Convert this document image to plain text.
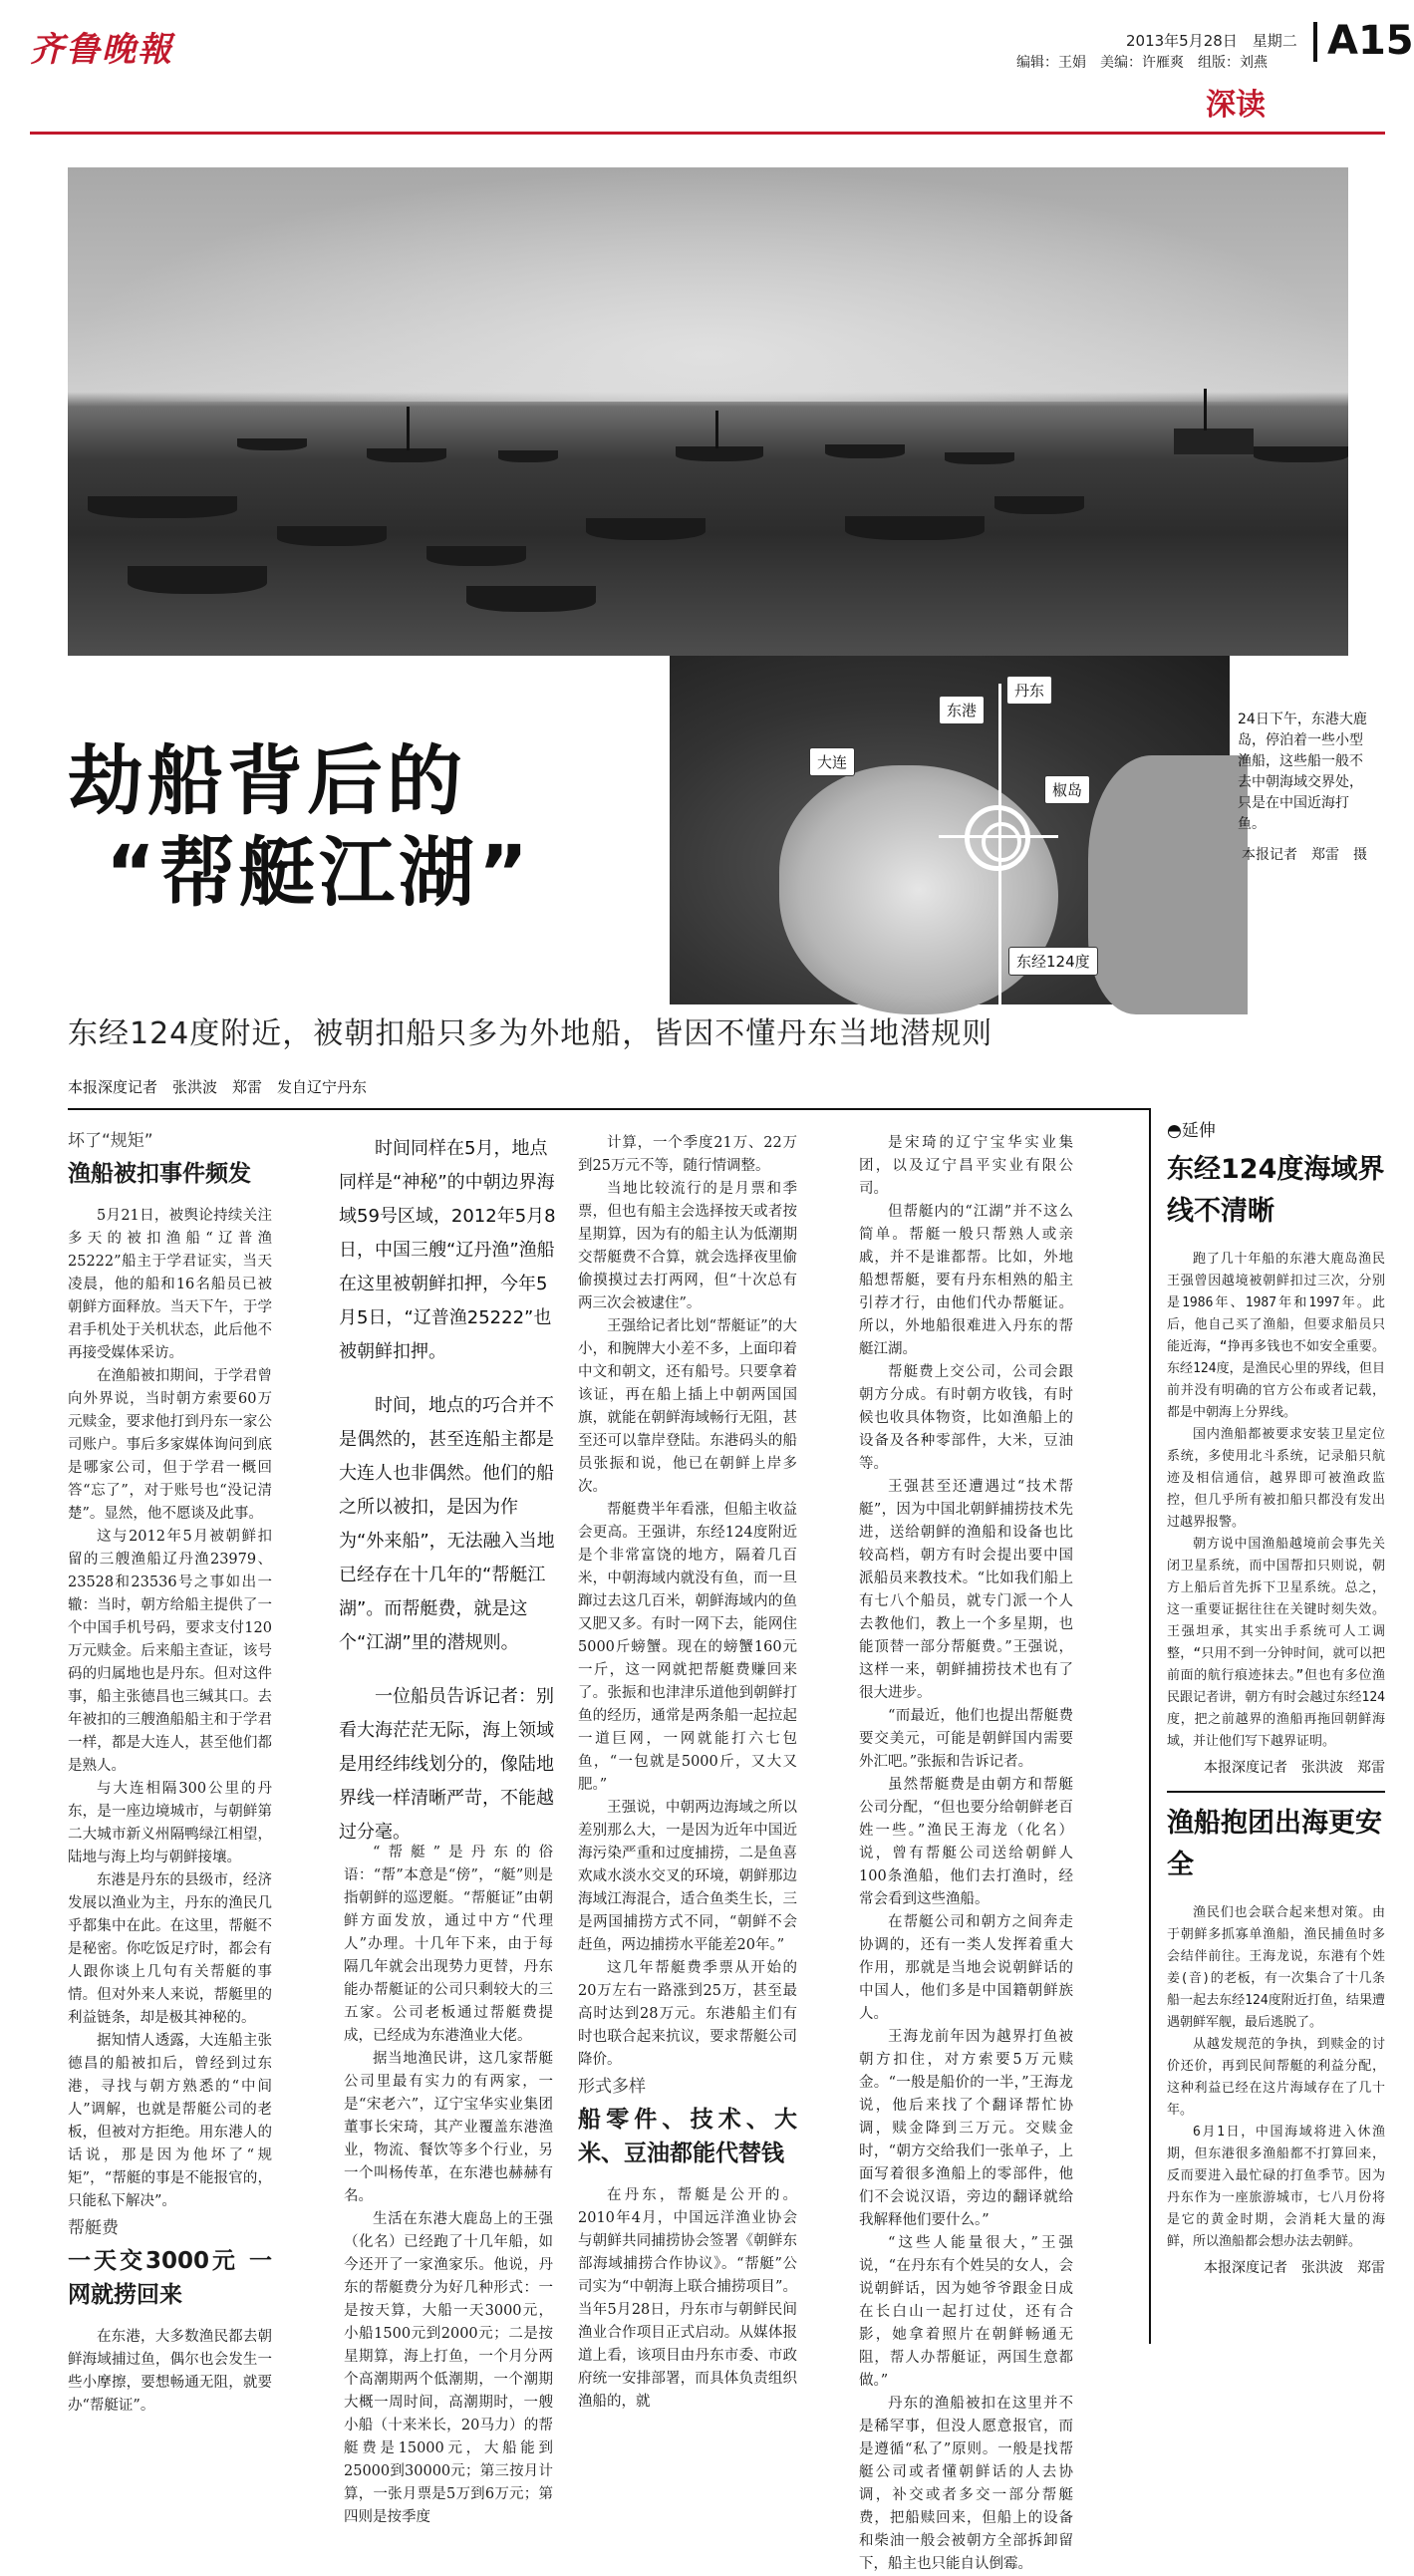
齐鲁晚報	2013年5月28日　星期二
编辑：王娟　美编：许雁爽　组版：刘燕 A15
深读
大连
东港
丹东
椒岛
东经124度
24日下午，东港大鹿岛，停泊着一些小型渔船，这些船一般不去中朝海域交界处，只是在中国近海打鱼。
本报记者　郑雷　摄
劫船背后的
“帮艇江湖”
东经124度附近，被朝扣船只多为外地船，皆因不懂丹东当地潜规则
本报深度记者　张洪波　郑雷　发自辽宁丹东
坏了“规矩”
渔船被扣事件频发

5月21日，被舆论持续关注多天的被扣渔船“辽普渔25222”船主于学君证实，当天凌晨，他的船和16名船员已被朝鲜方面释放。当天下午，于学君手机处于关机状态，此后他不再接受媒体采访。

在渔船被扣期间，于学君曾向外界说，当时朝方索要60万元赎金，要求他打到丹东一家公司账户。事后多家媒体询问到底是哪家公司，但于学君一概回答“忘了”，对于账号也“没记清楚”。显然，他不愿谈及此事。

这与2012年5月被朝鲜扣留的三艘渔船辽丹渔23979、23528和23536号之事如出一辙：当时，朝方给船主提供了一个中国手机号码，要求支付120万元赎金。后来船主查证，该号码的归属地也是丹东。但对这件事，船主张德昌也三缄其口。去年被扣的三艘渔船船主和于学君一样，都是大连人，甚至他们都是熟人。

与大连相隔300公里的丹东，是一座边境城市，与朝鲜第二大城市新义州隔鸭绿江相望，陆地与海上均与朝鲜接壤。

东港是丹东的县级市，经济发展以渔业为主，丹东的渔民几乎都集中在此。在这里，帮艇不是秘密。你吃饭足疗时，都会有人跟你谈上几句有关帮艇的事情。但对外来人来说，帮艇里的利益链条，却是极其神秘的。

据知情人透露，大连船主张德昌的船被扣后，曾经到过东港，寻找与朝方熟悉的“中间人”调解，也就是帮艇公司的老板，但被对方拒绝。用东港人的话说，那是因为他坏了“规矩”，“帮艇的事是不能报官的，只能私下解决”。

帮艇费
一天交3000元 一网就捞回来

在东港，大多数渔民都去朝鲜海域捕过鱼，偶尔也会发生一些小摩擦，要想畅通无阻，就要办“帮艇证”。

时间同样在5月，地点同样是“神秘”的中朝边界海域59号区域，2012年5月8日，中国三艘“辽丹渔”渔船在这里被朝鲜扣押，今年5月5日，“辽普渔25222”也被朝鲜扣押。

时间，地点的巧合并不是偶然的，甚至连船主都是大连人也非偶然。他们的船之所以被扣，是因为作为“外来船”，无法融入当地已经存在十几年的“帮艇江湖”。而帮艇费，就是这个“江湖”里的潜规则。

一位船员告诉记者：别看大海茫茫无际，海上领域是用经纬线划分的，像陆地界线一样清晰严苛，不能越过分毫。

“帮艇”是丹东的俗语：“帮”本意是“傍”，“艇”则是指朝鲜的巡逻艇。“帮艇证”由朝鲜方面发放，通过中方“代理人”办理。十几年下来，由于每隔几年就会出现势力更替，丹东能办帮艇证的公司只剩较大的三五家。公司老板通过帮艇费提成，已经成为东港渔业大佬。

据当地渔民讲，这几家帮艇公司里最有实力的有两家，一是“宋老六”，辽宁宝华实业集团董事长宋琦，其产业覆盖东港渔业，物流、餐饮等多个行业，另一个叫杨传革，在东港也赫赫有名。

生活在东港大鹿岛上的王强（化名）已经跑了十几年船，如今还开了一家渔家乐。他说，丹东的帮艇费分为好几种形式：一是按天算，大船一天3000元，小船1500元到2000元；二是按星期算，海上打鱼，一个月分两个高潮期两个低潮期，一个潮期大概一周时间，高潮期时，一艘小船（十来米长，20马力）的帮艇费是15000元，大船能到25000到30000元；第三按月计算，一张月票是5万到6万元；第四则是按季度

计算，一个季度21万、22万到25万元不等，随行情调整。

当地比较流行的是月票和季票，但也有船主会选择按天或者按星期算，因为有的船主认为低潮期交帮艇费不合算，就会选择夜里偷偷摸摸过去打两网，但“十次总有两三次会被逮住”。

王强给记者比划“帮艇证”的大小，和腕牌大小差不多，上面印着中文和朝文，还有船号。只要拿着该证，再在船上插上中朝两国国旗，就能在朝鲜海域畅行无阻，甚至还可以靠岸登陆。东港码头的船员张振和说，他已在朝鲜上岸多次。

帮艇费半年看涨，但船主收益会更高。王强讲，东经124度附近是个非常富饶的地方，隔着几百米，中朝海域内就没有鱼，而一旦蹿过去这几百米，朝鲜海域内的鱼又肥又多。有时一网下去，能网住5000斤螃蟹。现在的螃蟹160元一斤，这一网就把帮艇费赚回来了。张振和也津津乐道他到朝鲜打鱼的经历，通常是两条船一起拉起一道巨网，一网就能打六七包鱼，“一包就是5000斤，又大又肥。”

王强说，中朝两边海域之所以差别那么大，一是因为近年中国近海污染严重和过度捕捞，二是鱼喜欢咸水淡水交叉的环境，朝鲜那边海域江海混合，适合鱼类生长，三是两国捕捞方式不同，“朝鲜不会赶鱼，两边捕捞水平能差20年。”

这几年帮艇费季票从开始的20万左右一路涨到25万，甚至最高时达到28万元。东港船主们有时也联合起来抗议，要求帮艇公司降价。

形式多样
船零件、技术、大米、豆油都能代替钱

在丹东，帮艇是公开的。2010年4月，中国远洋渔业协会与朝鲜共同捕捞协会签署《朝鲜东部海域捕捞合作协议》。“帮艇”公司实为“中朝海上联合捕捞项目”。当年5月28日，丹东市与朝鲜民间渔业合作项目正式启动。从媒体报道上看，该项目由丹东市委、市政府统一安排部署，而具体负责组织渔船的，就

是宋琦的辽宁宝华实业集团，以及辽宁昌平实业有限公司。

但帮艇内的“江湖”并不这么简单。帮艇一般只帮熟人或亲戚，并不是谁都帮。比如，外地船想帮艇，要有丹东相熟的船主引荐才行，由他们代办帮艇证。所以，外地船很难进入丹东的帮艇江湖。

帮艇费上交公司，公司会跟朝方分成。有时朝方收钱，有时候也收具体物资，比如渔船上的设备及各种零部件，大米，豆油等。

王强甚至还遭遇过“技术帮艇”，因为中国北朝鲜捕捞技术先进，送给朝鲜的渔船和设备也比较高档，朝方有时会提出要中国派船员来教技术。“比如我们船上有七八个船员，就专门派一个人去教他们，教上一个多星期，也能顶替一部分帮艇费。”王强说，这样一来，朝鲜捕捞技术也有了很大进步。

“而最近，他们也提出帮艇费要交美元，可能是朝鲜国内需要外汇吧。”张振和告诉记者。

虽然帮艇费是由朝方和帮艇公司分配，“但也要分给朝鲜老百姓一些。”渔民王海龙（化名）说，曾有帮艇公司送给朝鲜人100条渔船，他们去打渔时，经常会看到这些渔船。

在帮艇公司和朝方之间奔走协调的，还有一类人发挥着重大作用，那就是当地会说朝鲜话的中国人，他们多是中国籍朝鲜族人。

王海龙前年因为越界打鱼被朝方扣住，对方索要5万元赎金。“一般是船价的一半，”王海龙说，他后来找了个翻译帮忙协调，赎金降到三万元。交赎金时，“朝方交给我们一张单子，上面写着很多渔船上的零部件，他们不会说汉语，旁边的翻译就给我解释他们要什么。”

“这些人能量很大，”王强说，“在丹东有个姓吴的女人，会说朝鲜话，因为她爷爷跟金日成在长白山一起打过仗，还有合影，她拿着照片在朝鲜畅通无阻，帮人办帮艇证，两国生意都做。”

丹东的渔船被扣在这里并不是稀罕事，但没人愿意报官，而是遵循“私了”原则。一般是找帮艇公司或者懂朝鲜话的人去协调，补交或者多交一部分帮艇费，把船赎回来，但船上的设备和柴油一般会被朝方全部拆卸留下，船主也只能自认倒霉。

◓延伸
东经124度海域界线不清晰

跑了几十年船的东港大鹿岛渔民王强曾因越境被朝鲜扣过三次，分别是1986年、1987年和1997年。此后，他自己买了渔船，但要求船员只能近海，“挣再多钱也不如安全重要。东经124度，是渔民心里的界线，但目前并没有明确的官方公布或者记载，都是中朝海上分界线。

国内渔船都被要求安装卫星定位系统，多使用北斗系统，记录船只航迹及相信通信，越界即可被渔政监控，但几乎所有被扣船只都没有发出过越界报警。

朝方说中国渔船越境前会事先关闭卫星系统，而中国帮扣只则说，朝方上船后首先拆下卫星系统。总之，这一重要证据往往在关键时刻失效。王强坦承，其实出手系统可人工调整，“只用不到一分钟时间，就可以把前面的航行痕迹抹去。”但也有多位渔民跟记者讲，朝方有时会越过东经124度，把之前越界的渔船再拖回朝鲜海域，并让他们写下越界证明。

本报深度记者　张洪波　郑雷
渔船抱团出海更安全

渔民们也会联合起来想对策。由于朝鲜多抓寡单渔船，渔民捕鱼时多会结伴前往。王海龙说，东港有个姓姜(音)的老板，有一次集合了十几条船一起去东经124度附近打鱼，结果遭遇朝鲜军舰，最后逃脱了。

从越发规范的争执，到赎金的讨价还价，再到民间帮艇的利益分配，这种利益已经在这片海域存在了几十年。

6月1日，中国海域将进入休渔期，但东港很多渔船都不打算回来，反而要进入最忙碌的打鱼季节。因为丹东作为一座旅游城市，七八月份将是它的黄金时期，会消耗大量的海鲜，所以渔船都会想办法去朝鲜。

本报深度记者　张洪波　郑雷
